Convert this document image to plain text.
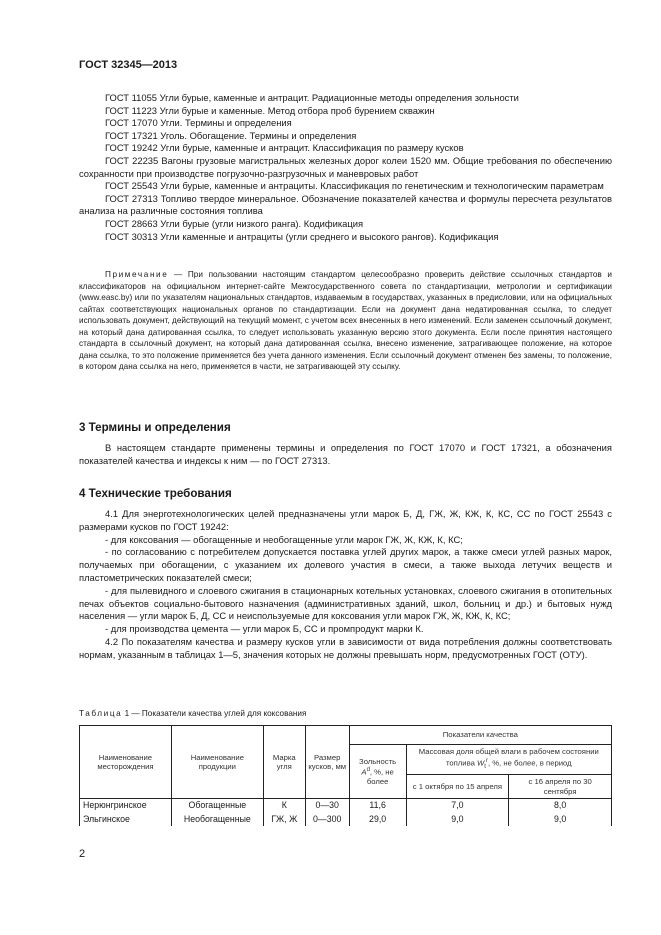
ГОСТ 32345—2013

ГОСТ 11055 Угли бурые, каменные и антрацит. Радиационные методы определения зольности

ГОСТ 11223 Угли бурые и каменные. Метод отбора проб бурением скважин

ГОСТ 17070 Угли. Термины и определения

ГОСТ 17321 Уголь. Обогащение. Термины и определения

ГОСТ 19242 Угли бурые, каменные и антрацит. Классификация по размеру кусков

ГОСТ 22235 Вагоны грузовые магистральных железных дорог колеи 1520 мм. Общие требования по обеспечению сохранности при производстве погрузочно-разгрузочных и маневровых работ

ГОСТ 25543 Угли бурые, каменные и антрациты. Классификация по генетическим и технологическим параметрам

ГОСТ 27313 Топливо твердое минеральное. Обозначение показателей качества и формулы пересчета результатов анализа на различные состояния топлива

ГОСТ 28663 Угли бурые (угли низкого ранга). Кодификация

ГОСТ 30313 Угли каменные и антрациты (угли среднего и высокого рангов). Кодификация

Примечание — При пользовании настоящим стандартом целесообразно проверить действие ссылочных стандартов и классификаторов на официальном интернет-сайте Межгосударственного совета по стандартизации, метрологии и сертификации (www.easc.by) или по указателям национальных стандартов, издаваемым в государствах, указанных в предисловии, или на официальных сайтах соответствующих национальных органов по стандартизации. Если на документ дана недатированная ссылка, то следует использовать документ, действующий на текущий момент, с учетом всех внесенных в него изменений. Если заменен ссылочный документ, на который дана датированная ссылка, то следует использовать указанную версию этого документа. Если после принятия настоящего стандарта в ссылочный документ, на который дана датированная ссылка, внесено изменение, затрагивающее положение, на которое дана ссылка, то это положение применяется без учета данного изменения. Если ссылочный документ отменен без замены, то положение, в котором дана ссылка на него, применяется в части, не затрагивающей эту ссылку.

3 Термины и определения

В настоящем стандарте применены термины и определения по ГОСТ 17070 и ГОСТ 17321, а обозначения показателей качества и индексы к ним — по ГОСТ 27313.

4 Технические требования

4.1 Для энерготехнологических целей предназначены угли марок Б, Д, ГЖ, Ж, КЖ, К, КС, СС по ГОСТ 25543 с размерами кусков по ГОСТ 19242:

- для коксования — обогащенные и необогащенные угли марок ГЖ, Ж, КЖ, К, КС;

- по согласованию с потребителем допускается поставка углей других марок, а также смеси углей разных марок, получаемых при обогащении, с указанием их долевого участия в смеси, а также выхода летучих веществ и пластометрических показателей смеси;

- для пылевидного и слоевого сжигания в стационарных котельных установках, слоевого сжигания в отопительных печах объектов социально-бытового назначения (административных зданий, школ, больниц и др.) и бытовых нужд населения — угли марок Б, Д, СС и неиспользуемые для коксования угли марок ГЖ, Ж, КЖ, К, КС;

- для производства цемента — угли марок Б, СС и промпродукт марки К.

4.2 По показателям качества и размеру кусков угли в зависимости от вида потребления должны соответствовать нормам, указанным в таблицах 1—5, значения которых не должны превышать норм, предусмотренных ГОСТ (ОТУ).

Таблица 1 — Показатели качества углей для коксования
Наименование месторождения	Наименование продукции	Марка угля	Размер кусков, мм	Показатели качества		
				Зольность
$A^d$, %, не более	Массовая доля общей влаги в рабочем состоянии топлива $W_t^r$, %, не более, в период	
					с 1 октября по 15 апреля	с 16 апреля по 30 сентября
Нерюнгринское	Обогащенные	К	0—30	11,6	7,0	8,0
Эльгинское	Необогащенные	ГЖ, Ж	0—300	29,0	9,0	9,0
2
